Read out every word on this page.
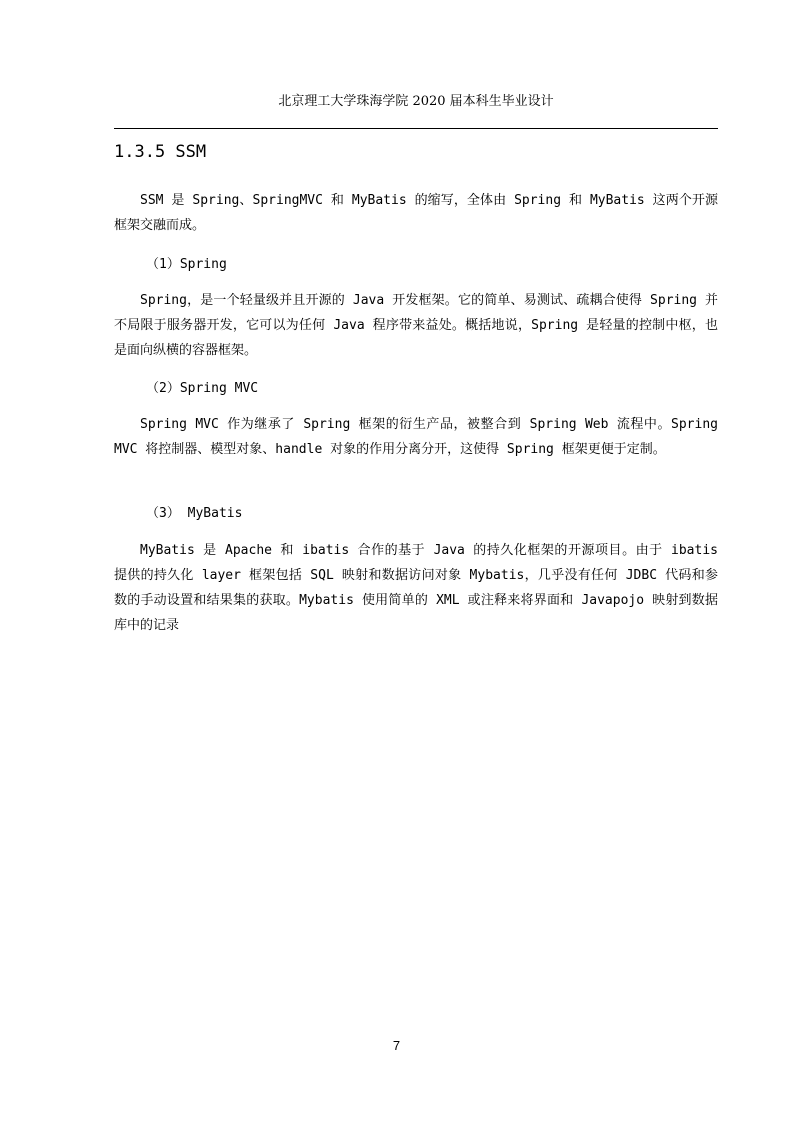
北京理工大学珠海学院 2020 届本科生毕业设计
1.3.5 SSM
SSM 是 Spring、SpringMVC 和 MyBatis 的缩写，全体由 Spring 和 MyBatis 这两个开源框架交融而成。
（1）Spring
Spring，是一个轻量级并且开源的 Java 开发框架。它的简单、易测试、疏耦合使得 Spring 并不局限于服务器开发，它可以为任何 Java 程序带来益处。概括地说，Spring 是轻量的控制中枢，也是面向纵横的容器框架。
（2）Spring MVC
Spring MVC 作为继承了 Spring 框架的衍生产品，被整合到 Spring Web 流程中。Spring MVC 将控制器、模型对象、handle 对象的作用分离分开，这使得 Spring 框架更便于定制。
（3） MyBatis
MyBatis 是 Apache 和 ibatis 合作的基于 Java 的持久化框架的开源项目。由于 ibatis 提供的持久化 layer 框架包括 SQL 映射和数据访问对象 Mybatis，几乎没有任何 JDBC 代码和参数的手动设置和结果集的获取。Mybatis 使用简单的 XML 或注释来将界面和 Javapojo 映射到数据库中的记录
7
